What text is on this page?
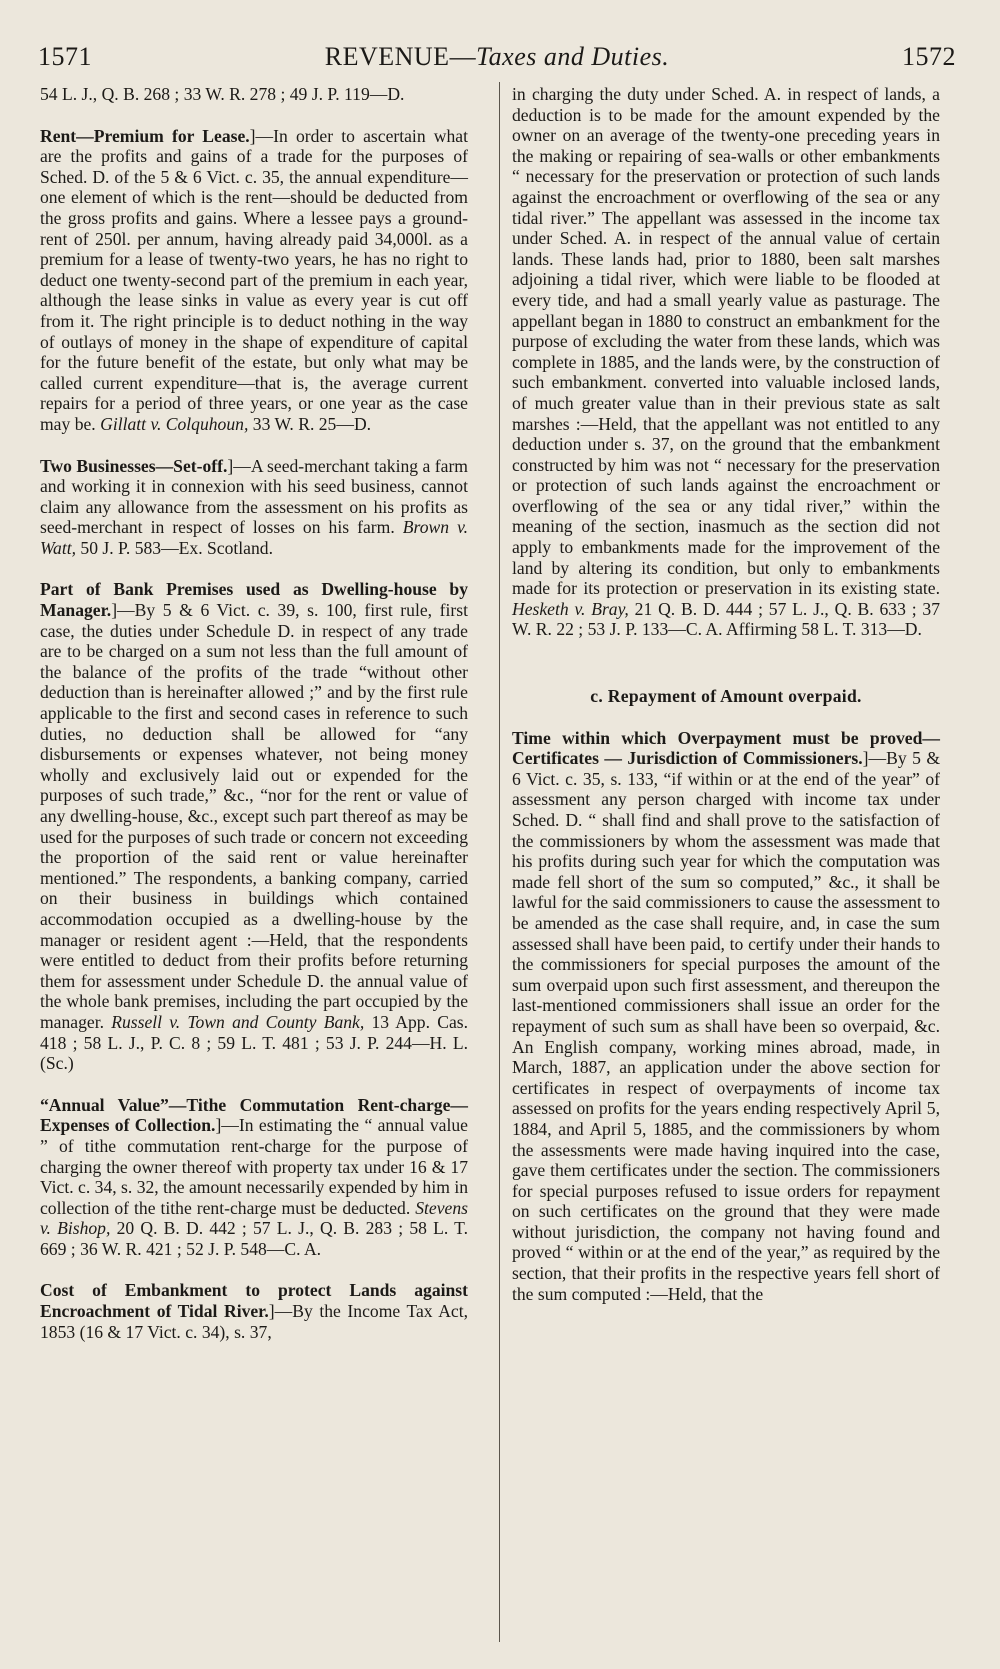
1571	REVENUE—Taxes and Duties.	1572

54 L. J., Q. B. 268 ; 33 W. R. 278 ; 49 J. P. 119—D.

Rent—Premium for Lease.]—In order to ascertain what are the profits and gains of a trade for the purposes of Sched. D. of the 5 & 6 Vict. c. 35, the annual expenditure—one element of which is the rent—should be deducted from the gross profits and gains. Where a lessee pays a ground-rent of 250l. per annum, having already paid 34,000l. as a premium for a lease of twenty-two years, he has no right to deduct one twenty-second part of the premium in each year, although the lease sinks in value as every year is cut off from it. The right principle is to deduct nothing in the way of outlays of money in the shape of expenditure of capital for the future benefit of the estate, but only what may be called current expenditure—that is, the average current repairs for a period of three years, or one year as the case may be. Gillatt v. Colquhoun, 33 W. R. 25—D.

Two Businesses—Set-off.]—A seed-merchant taking a farm and working it in connexion with his seed business, cannot claim any allowance from the assessment on his profits as seed-merchant in respect of losses on his farm. Brown v. Watt, 50 J. P. 583—Ex. Scotland.

Part of Bank Premises used as Dwelling-house by Manager.]—By 5 & 6 Vict. c. 39, s. 100, first rule, first case, the duties under Schedule D. in respect of any trade are to be charged on a sum not less than the full amount of the balance of the profits of the trade “without other deduction than is hereinafter allowed ;” and by the first rule applicable to the first and second cases in reference to such duties, no deduction shall be allowed for “any disbursements or expenses whatever, not being money wholly and exclusively laid out or expended for the purposes of such trade,” &c., “nor for the rent or value of any dwelling-house, &c., except such part thereof as may be used for the purposes of such trade or concern not exceeding the proportion of the said rent or value hereinafter mentioned.” The respondents, a banking company, carried on their business in buildings which contained accommodation occupied as a dwelling-house by the manager or resident agent :—Held, that the respondents were entitled to deduct from their profits before returning them for assessment under Schedule D. the annual value of the whole bank premises, including the part occupied by the manager. Russell v. Town and County Bank, 13 App. Cas. 418 ; 58 L. J., P. C. 8 ; 59 L. T. 481 ; 53 J. P. 244—H. L. (Sc.)

“Annual Value”—Tithe Commutation Rent-charge—Expenses of Collection.]—In estimating the “ annual value ” of tithe commutation rent-charge for the purpose of charging the owner thereof with property tax under 16 & 17 Vict. c. 34, s. 32, the amount necessarily expended by him in collection of the tithe rent-charge must be deducted. Stevens v. Bishop, 20 Q. B. D. 442 ; 57 L. J., Q. B. 283 ; 58 L. T. 669 ; 36 W. R. 421 ; 52 J. P. 548—C. A.

Cost of Embankment to protect Lands against Encroachment of Tidal River.]—By the Income Tax Act, 1853 (16 & 17 Vict. c. 34), s. 37,

in charging the duty under Sched. A. in respect of lands, a deduction is to be made for the amount expended by the owner on an average of the twenty-one preceding years in the making or repairing of sea-walls or other embankments “ necessary for the preservation or protection of such lands against the encroachment or overflowing of the sea or any tidal river.” The appellant was assessed in the income tax under Sched. A. in respect of the annual value of certain lands. These lands had, prior to 1880, been salt marshes adjoining a tidal river, which were liable to be flooded at every tide, and had a small yearly value as pasturage. The appellant began in 1880 to construct an embankment for the purpose of excluding the water from these lands, which was complete in 1885, and the lands were, by the construction of such embankment. converted into valuable inclosed lands, of much greater value than in their previous state as salt marshes :—Held, that the appellant was not entitled to any deduction under s. 37, on the ground that the embankment constructed by him was not “ necessary for the preservation or protection of such lands against the encroachment or overflowing of the sea or any tidal river,” within the meaning of the section, inasmuch as the section did not apply to embankments made for the improvement of the land by altering its condition, but only to embankments made for its protection or preservation in its existing state. Hesketh v. Bray, 21 Q. B. D. 444 ; 57 L. J., Q. B. 633 ; 37 W. R. 22 ; 53 J. P. 133—C. A. Affirming 58 L. T. 313—D.

c. Repayment of Amount overpaid.

Time within which Overpayment must be proved—Certificates — Jurisdiction of Commissioners.]—By 5 & 6 Vict. c. 35, s. 133, “if within or at the end of the year” of assessment any person charged with income tax under Sched. D. “ shall find and shall prove to the satisfaction of the commissioners by whom the assessment was made that his profits during such year for which the computation was made fell short of the sum so computed,” &c., it shall be lawful for the said commissioners to cause the assessment to be amended as the case shall require, and, in case the sum assessed shall have been paid, to certify under their hands to the commissioners for special purposes the amount of the sum overpaid upon such first assessment, and thereupon the last-mentioned commissioners shall issue an order for the repayment of such sum as shall have been so overpaid, &c. An English company, working mines abroad, made, in March, 1887, an application under the above section for certificates in respect of overpayments of income tax assessed on profits for the years ending respectively April 5, 1884, and April 5, 1885, and the commissioners by whom the assessments were made having inquired into the case, gave them certificates under the section. The commissioners for special purposes refused to issue orders for repayment on such certificates on the ground that they were made without jurisdiction, the company not having found and proved “ within or at the end of the year,” as required by the section, that their profits in the respective years fell short of the sum computed :—Held, that the
